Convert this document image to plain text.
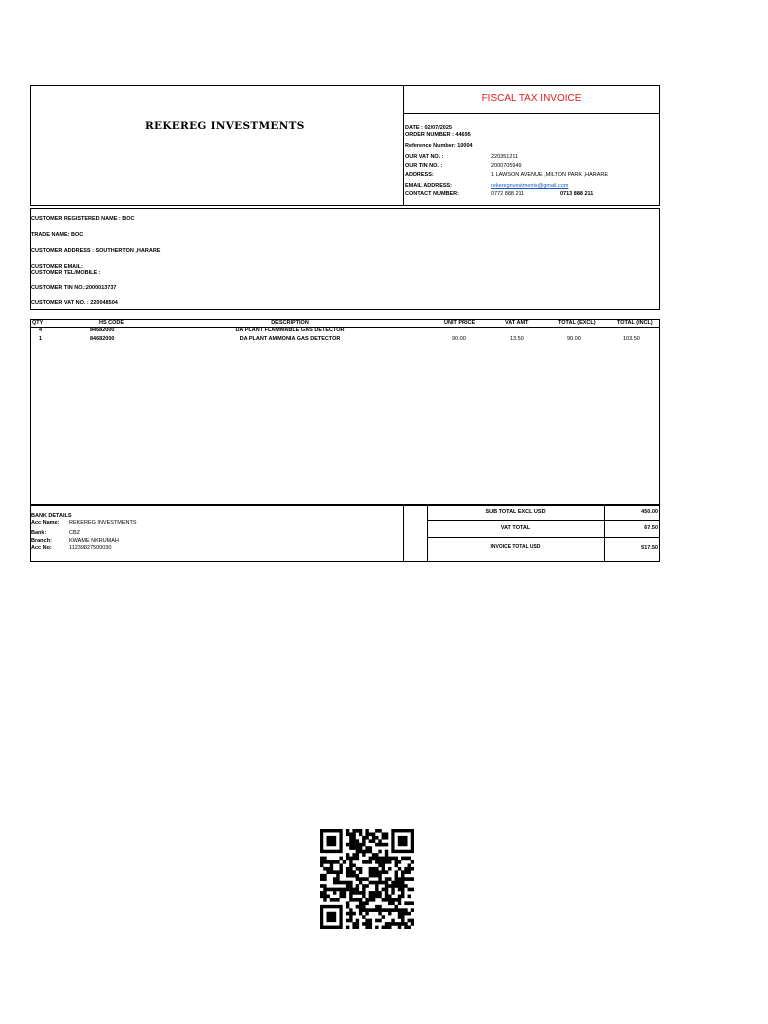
REKEREG INVESTMENTS
FISCAL TAX INVOICE
DATE : 02/07/2025
ORDER NUMBER : 44695
Reference Number: 10004
OUR VAT NO. :	220351211
OUR TIN NO. :	2000705949
ADDRESS:	1 LAWSON AVENUE ,MILTON PARK ,HARARE
EMAIL ADDRESS:	rekeregnvestments@gmail.com
CONTACT NUMBER:	0772 888 211	0713 888 211
CUSTOMER REGISTERED NAME : BOC
TRADE NAME: BOC
CUSTOMER ADDRESS : SOUTHERTON ,HARARE
CUSTOMER EMAIL:
CUSTOMER TEL/MOBILE :
CUSTOMER TIN NO.:2000013737
CUSTOMER VAT NO. : 220048504
QTY	HS CODE	DESCRIPTION	UNIT PRICE	VAT AMT	TOTAL (EXCL)	TOTAL (INCL)
4	84682000	DA PLANT FLAMMABLE GAS DETECTOR
1	84682000	DA PLANT AMMONIA GAS DETECTOR	90.00	13.50	90.00	103.50
BANK DETAILS
Acc Name: REKEREG INVESTMENTS
Bank:	CBZ
Branch:	KWAME NKRUMAH
Acc No:	11239827500030
SUB TOTAL EXCL USD	450.00
VAT TOTAL	67.50
INVOICE TOTAL USD	517.50
